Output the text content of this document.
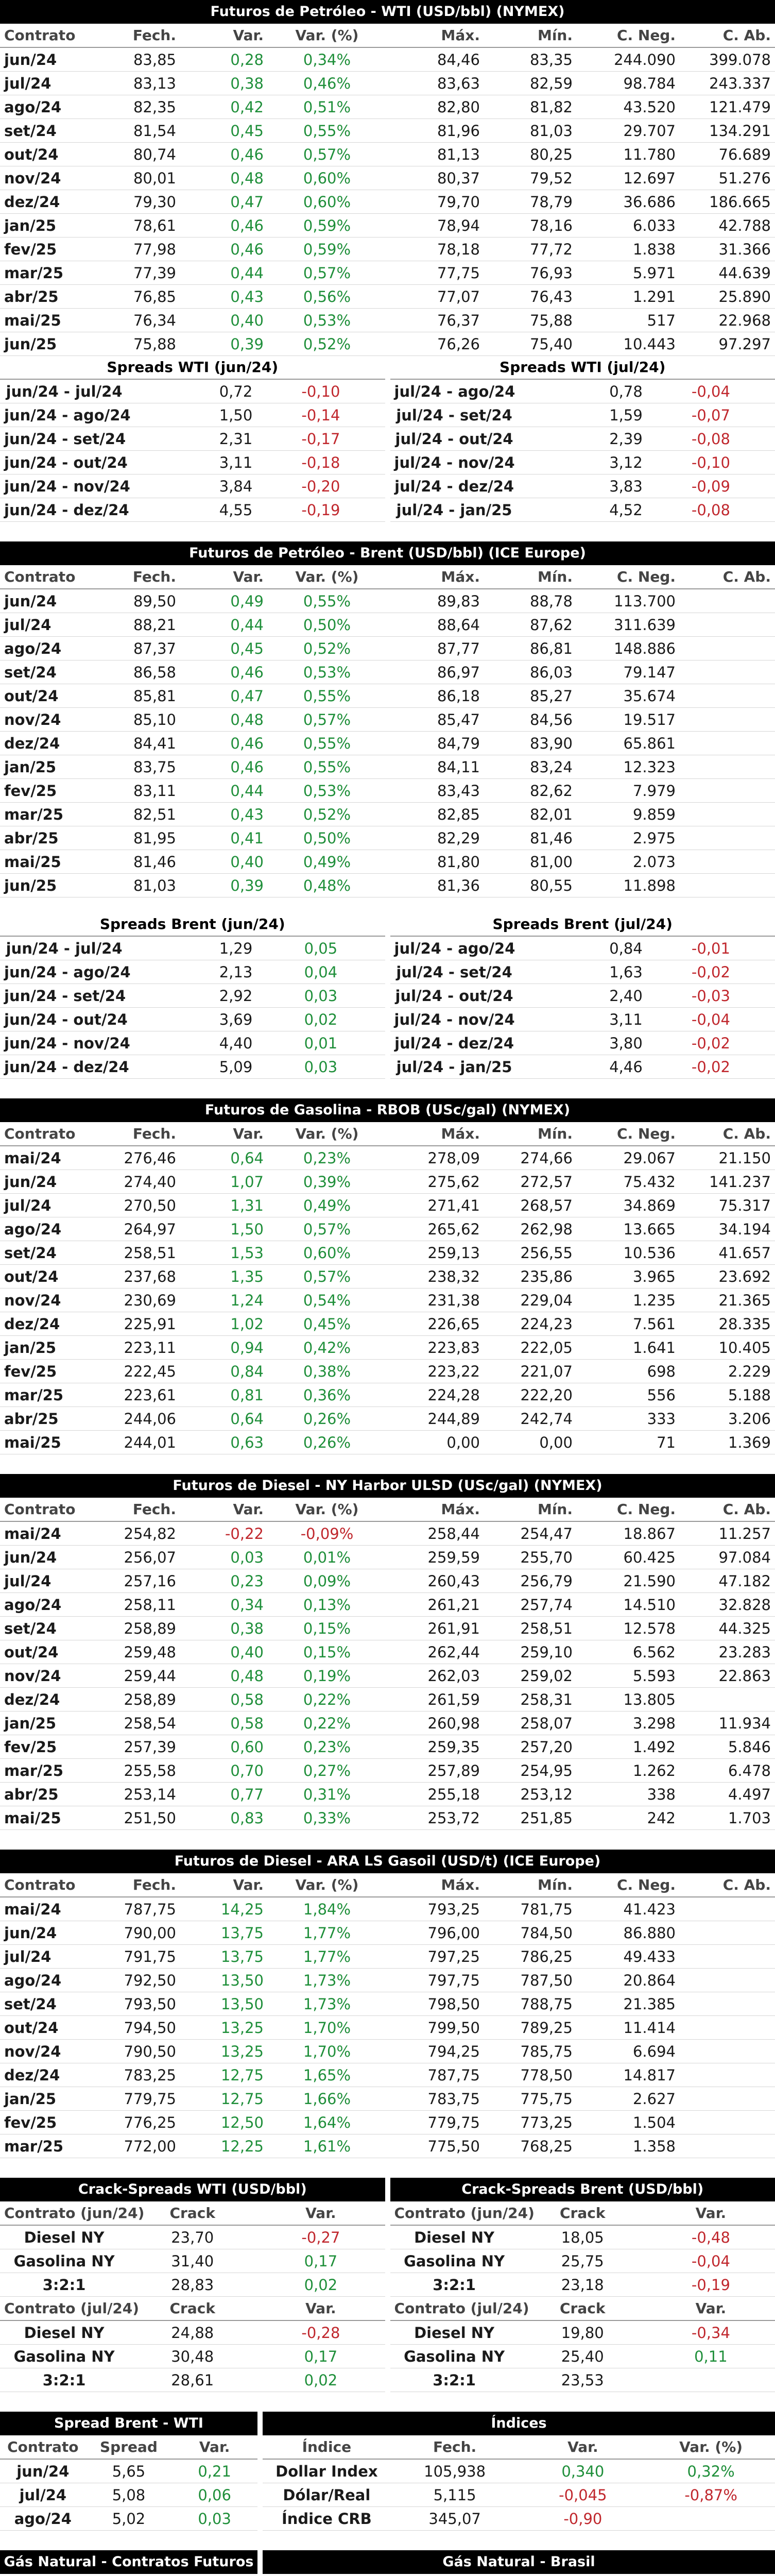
Futuros de Petróleo - WTI (USD/bbl) (NYMEX)
Contrato	Fech.	Var.	Var. (%)	Máx.	Mín.	C. Neg.	C. Ab.
jun/24	83,85	0,28	0,34%	84,46	83,35	244.090	399.078
jul/24	83,13	0,38	0,46%	83,63	82,59	98.784	243.337
ago/24	82,35	0,42	0,51%	82,80	81,82	43.520	121.479
set/24	81,54	0,45	0,55%	81,96	81,03	29.707	134.291
out/24	80,74	0,46	0,57%	81,13	80,25	11.780	76.689
nov/24	80,01	0,48	0,60%	80,37	79,52	12.697	51.276
dez/24	79,30	0,47	0,60%	79,70	78,79	36.686	186.665
jan/25	78,61	0,46	0,59%	78,94	78,16	6.033	42.788
fev/25	77,98	0,46	0,59%	78,18	77,72	1.838	31.366
mar/25	77,39	0,44	0,57%	77,75	76,93	5.971	44.639
abr/25	76,85	0,43	0,56%	77,07	76,43	1.291	25.890
mai/25	76,34	0,40	0,53%	76,37	75,88	517	22.968
jun/25	75,88	0,39	0,52%	76,26	75,40	10.443	97.297
Spreads WTI (jun/24)
jun/24 - jul/24	0,72	-0,10
jun/24 - ago/24	1,50	-0,14
jun/24 - set/24	2,31	-0,17
jun/24 - out/24	3,11	-0,18
jun/24 - nov/24	3,84	-0,20
jun/24 - dez/24	4,55	-0,19
Spreads WTI (jul/24)
jul/24 - ago/24	0,78	-0,04
jul/24 - set/24	1,59	-0,07
jul/24 - out/24	2,39	-0,08
jul/24 - nov/24	3,12	-0,10
jul/24 - dez/24	3,83	-0,09
jul/24 - jan/25	4,52	-0,08
Futuros de Petróleo - Brent (USD/bbl) (ICE Europe)
Contrato	Fech.	Var.	Var. (%)	Máx.	Mín.	C. Neg.	C. Ab.
jun/24	89,50	0,49	0,55%	89,83	88,78	113.700	
jul/24	88,21	0,44	0,50%	88,64	87,62	311.639	
ago/24	87,37	0,45	0,52%	87,77	86,81	148.886	
set/24	86,58	0,46	0,53%	86,97	86,03	79.147	
out/24	85,81	0,47	0,55%	86,18	85,27	35.674	
nov/24	85,10	0,48	0,57%	85,47	84,56	19.517	
dez/24	84,41	0,46	0,55%	84,79	83,90	65.861	
jan/25	83,75	0,46	0,55%	84,11	83,24	12.323	
fev/25	83,11	0,44	0,53%	83,43	82,62	7.979	
mar/25	82,51	0,43	0,52%	82,85	82,01	9.859	
abr/25	81,95	0,41	0,50%	82,29	81,46	2.975	
mai/25	81,46	0,40	0,49%	81,80	81,00	2.073	
jun/25	81,03	0,39	0,48%	81,36	80,55	11.898	
Spreads Brent (jun/24)
jun/24 - jul/24	1,29	0,05
jun/24 - ago/24	2,13	0,04
jun/24 - set/24	2,92	0,03
jun/24 - out/24	3,69	0,02
jun/24 - nov/24	4,40	0,01
jun/24 - dez/24	5,09	0,03
Spreads Brent (jul/24)
jul/24 - ago/24	0,84	-0,01
jul/24 - set/24	1,63	-0,02
jul/24 - out/24	2,40	-0,03
jul/24 - nov/24	3,11	-0,04
jul/24 - dez/24	3,80	-0,02
jul/24 - jan/25	4,46	-0,02
Futuros de Gasolina - RBOB (USc/gal) (NYMEX)
Contrato	Fech.	Var.	Var. (%)	Máx.	Mín.	C. Neg.	C. Ab.
mai/24	276,46	0,64	0,23%	278,09	274,66	29.067	21.150
jun/24	274,40	1,07	0,39%	275,62	272,57	75.432	141.237
jul/24	270,50	1,31	0,49%	271,41	268,57	34.869	75.317
ago/24	264,97	1,50	0,57%	265,62	262,98	13.665	34.194
set/24	258,51	1,53	0,60%	259,13	256,55	10.536	41.657
out/24	237,68	1,35	0,57%	238,32	235,86	3.965	23.692
nov/24	230,69	1,24	0,54%	231,38	229,04	1.235	21.365
dez/24	225,91	1,02	0,45%	226,65	224,23	7.561	28.335
jan/25	223,11	0,94	0,42%	223,83	222,05	1.641	10.405
fev/25	222,45	0,84	0,38%	223,22	221,07	698	2.229
mar/25	223,61	0,81	0,36%	224,28	222,20	556	5.188
abr/25	244,06	0,64	0,26%	244,89	242,74	333	3.206
mai/25	244,01	0,63	0,26%	0,00	0,00	71	1.369
Futuros de Diesel - NY Harbor ULSD (USc/gal) (NYMEX)
Contrato	Fech.	Var.	Var. (%)	Máx.	Mín.	C. Neg.	C. Ab.
mai/24	254,82	-0,22	-0,09%	258,44	254,47	18.867	11.257
jun/24	256,07	0,03	0,01%	259,59	255,70	60.425	97.084
jul/24	257,16	0,23	0,09%	260,43	256,79	21.590	47.182
ago/24	258,11	0,34	0,13%	261,21	257,74	14.510	32.828
set/24	258,89	0,38	0,15%	261,91	258,51	12.578	44.325
out/24	259,48	0,40	0,15%	262,44	259,10	6.562	23.283
nov/24	259,44	0,48	0,19%	262,03	259,02	5.593	22.863
dez/24	258,89	0,58	0,22%	261,59	258,31	13.805	
jan/25	258,54	0,58	0,22%	260,98	258,07	3.298	11.934
fev/25	257,39	0,60	0,23%	259,35	257,20	1.492	5.846
mar/25	255,58	0,70	0,27%	257,89	254,95	1.262	6.478
abr/25	253,14	0,77	0,31%	255,18	253,12	338	4.497
mai/25	251,50	0,83	0,33%	253,72	251,85	242	1.703
Futuros de Diesel - ARA LS Gasoil (USD/t) (ICE Europe)
Contrato	Fech.	Var.	Var. (%)	Máx.	Mín.	C. Neg.	C. Ab.
mai/24	787,75	14,25	1,84%	793,25	781,75	41.423	
jun/24	790,00	13,75	1,77%	796,00	784,50	86.880	
jul/24	791,75	13,75	1,77%	797,25	786,25	49.433	
ago/24	792,50	13,50	1,73%	797,75	787,50	20.864	
set/24	793,50	13,50	1,73%	798,50	788,75	21.385	
out/24	794,50	13,25	1,70%	799,50	789,25	11.414	
nov/24	790,50	13,25	1,70%	794,25	785,75	6.694	
dez/24	783,25	12,75	1,65%	787,75	778,50	14.817	
jan/25	779,75	12,75	1,66%	783,75	775,75	2.627	
fev/25	776,25	12,50	1,64%	779,75	773,25	1.504	
mar/25	772,00	12,25	1,61%	775,50	768,25	1.358	
Crack-Spreads WTI (USD/bbl)
Contrato (jun/24)	Crack	Var.
Diesel NY	23,70	-0,27
Gasolina NY	31,40	0,17
3:2:1	28,83	0,02
Contrato (jul/24)	Crack	Var.
Diesel NY	24,88	-0,28
Gasolina NY	30,48	0,17
3:2:1	28,61	0,02
Crack-Spreads Brent (USD/bbl)
Contrato (jun/24)	Crack	Var.
Diesel NY	18,05	-0,48
Gasolina NY	25,75	-0,04
3:2:1	23,18	-0,19
Contrato (jul/24)	Crack	Var.
Diesel NY	19,80	-0,34
Gasolina NY	25,40	0,11
3:2:1	23,53	
Spread Brent - WTI
Contrato	Spread	Var.
jun/24	5,65	0,21
jul/24	5,08	0,06
ago/24	5,02	0,03
Índices
Índice	Fech.	Var.	Var. (%)
Dollar Index	105,938	0,340	0,32%
Dólar/Real	5,115	-0,045	-0,87%
Índice CRB	345,07	-0,90	
Gás Natural - Contratos Futuros

			Gás Natural - Brasil
